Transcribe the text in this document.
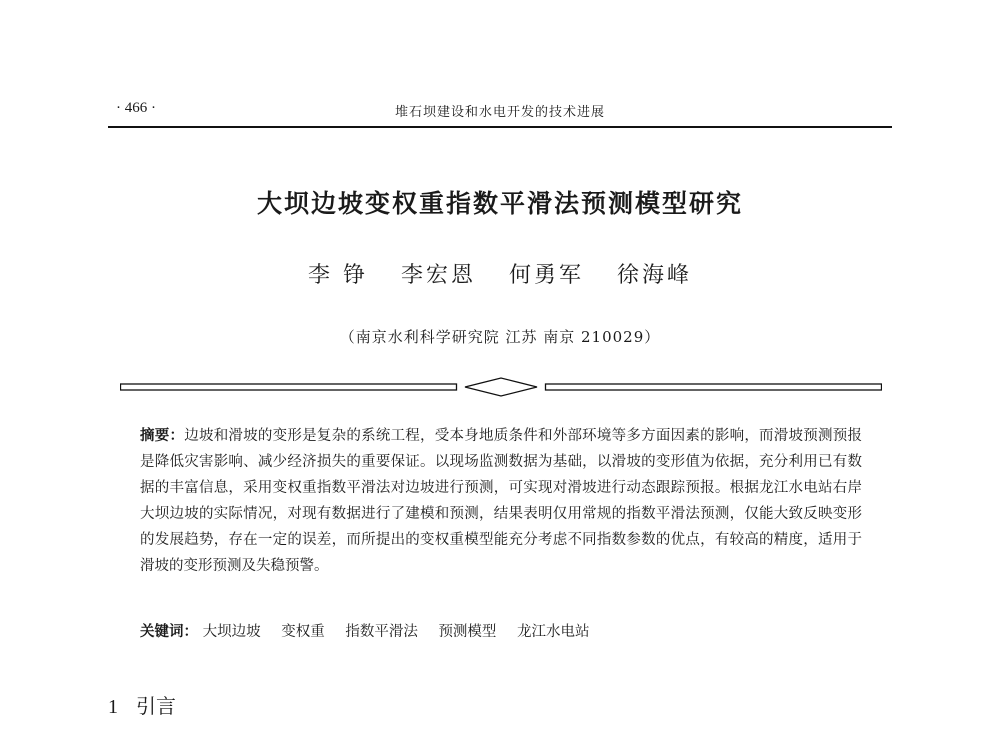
· 466 ·	堆石坝建设和水电开发的技术进展
大坝边坡变权重指数平滑法预测模型研究
李 铮 李宏恩 何勇军 徐海峰
（南京水利科学研究院 江苏 南京 210029）
摘要：边坡和滑坡的变形是复杂的系统工程，受本身地质条件和外部环境等多方面因素的影响，而滑坡预测预报是降低灾害影响、减少经济损失的重要保证。以现场监测数据为基础，以滑坡的变形值为依据，充分利用已有数据的丰富信息，采用变权重指数平滑法对边坡进行预测，可实现对滑坡进行动态跟踪预报。根据龙江水电站右岸大坝边坡的实际情况，对现有数据进行了建模和预测，结果表明仅用常规的指数平滑法预测，仅能大致反映变形的发展趋势，存在一定的误差，而所提出的变权重模型能充分考虑不同指数参数的优点，有较高的精度，适用于滑坡的变形预测及失稳预警。
关键词： 大坝边坡 变权重 指数平滑法 预测模型 龙江水电站
1 引言
